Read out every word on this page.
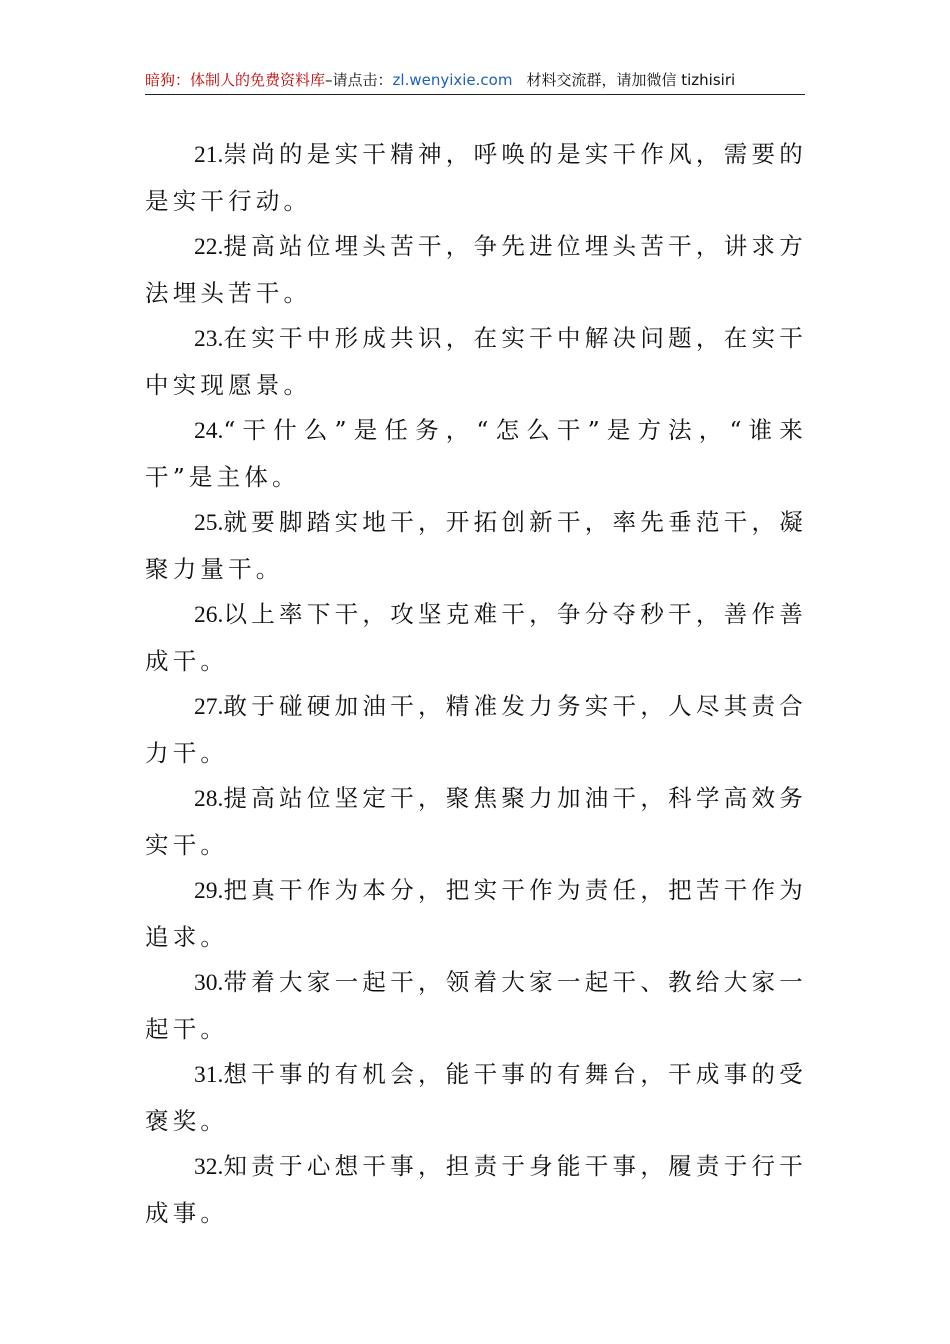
暗狗：体制人的免费资料库–请点击：zl.wenyixie.com 材料交流群，请加微信 tizhisiri

21.崇尚的是实干精神，呼唤的是实干作风，需要的是实干行动。

22.提高站位埋头苦干，争先进位埋头苦干，讲求方法埋头苦干。

23.在实干中形成共识，在实干中解决问题，在实干中实现愿景。

24.“干什么”是任务，“怎么干”是方法，“谁来干”是主体。

25.就要脚踏实地干，开拓创新干，率先垂范干，凝聚力量干。

26.以上率下干，攻坚克难干，争分夺秒干，善作善成干。

27.敢于碰硬加油干，精准发力务实干，人尽其责合力干。

28.提高站位坚定干，聚焦聚力加油干，科学高效务实干。

29.把真干作为本分，把实干作为责任，把苦干作为追求。

30.带着大家一起干，领着大家一起干、教给大家一起干。

31.想干事的有机会，能干事的有舞台，干成事的受褒奖。

32.知责于心想干事，担责于身能干事，履责于行干成事。
